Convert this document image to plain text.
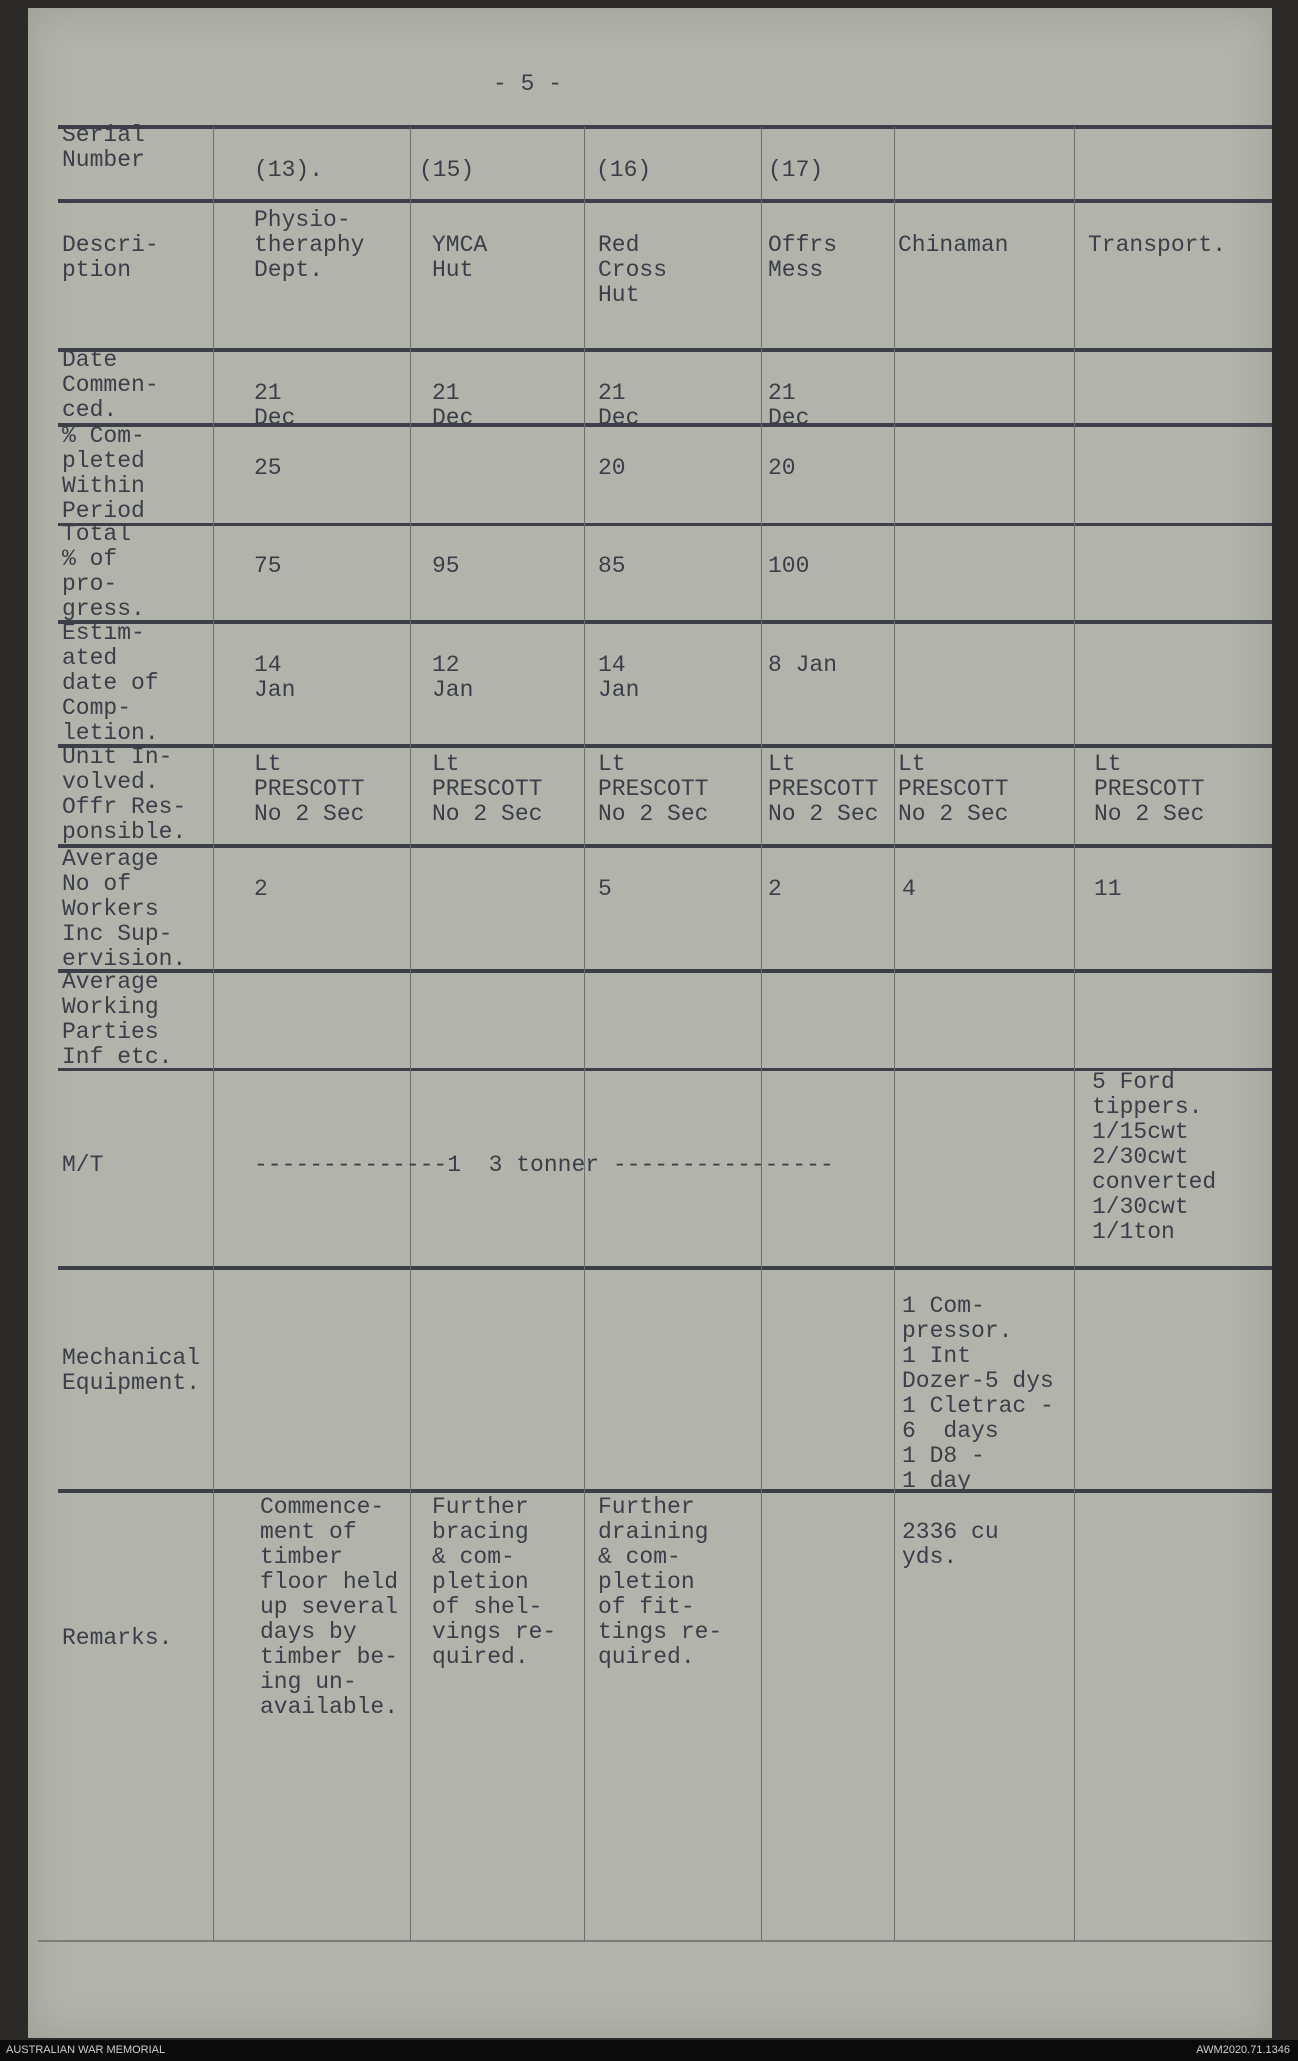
- 5 -

Serial
Number

Descri-
ption

Date
Commen-
ced.

% Com-
pleted
Within
Period

Total
% of
pro-
gress.

Estim-
ated
date of
Comp-
letion.

Unit In-
volved.
Offr Res-
ponsible.

Average
No of
Workers
Inc Sup-
ervision.

Average
Working
Parties
Inf etc.

M/T

Mechanical
Equipment.

Remarks.

(13).

Physio-
theraphy
Dept.

21
Dec

25

75

14
Jan

Lt
PRESCOTT
No 2 Sec

2

Commence-
ment of
timber
floor held
up several
days by
timber be-
ing un-
available.

(15)

YMCA
Hut

21
Dec

95

12
Jan

Lt
PRESCOTT
No 2 Sec

Further
bracing
& com-
pletion
of shel-
vings re-
quired.

(16)

Red
Cross
Hut

21
Dec

20

85

14
Jan

Lt
PRESCOTT
No 2 Sec

5

Further
draining
& com-
pletion
of fit-
tings re-
quired.

(17)

Offrs
Mess

21
Dec

20

100

8 Jan

Lt
PRESCOTT
No 2 Sec

2

Chinaman

Lt
PRESCOTT
No 2 Sec

4

1 Com-
pressor.
1 Int
Dozer-5 dys
1 Cletrac -
6  days
1 D8 -
1 day

2336 cu
yds.

Transport.

Lt
PRESCOTT
No 2 Sec

11

5 Ford
tippers.
1/15cwt
2/30cwt
converted
1/30cwt
1/1ton

--------------1  3 tonner ----------------

AUSTRALIAN WAR MEMORIAL	AWM2020.71.1346
